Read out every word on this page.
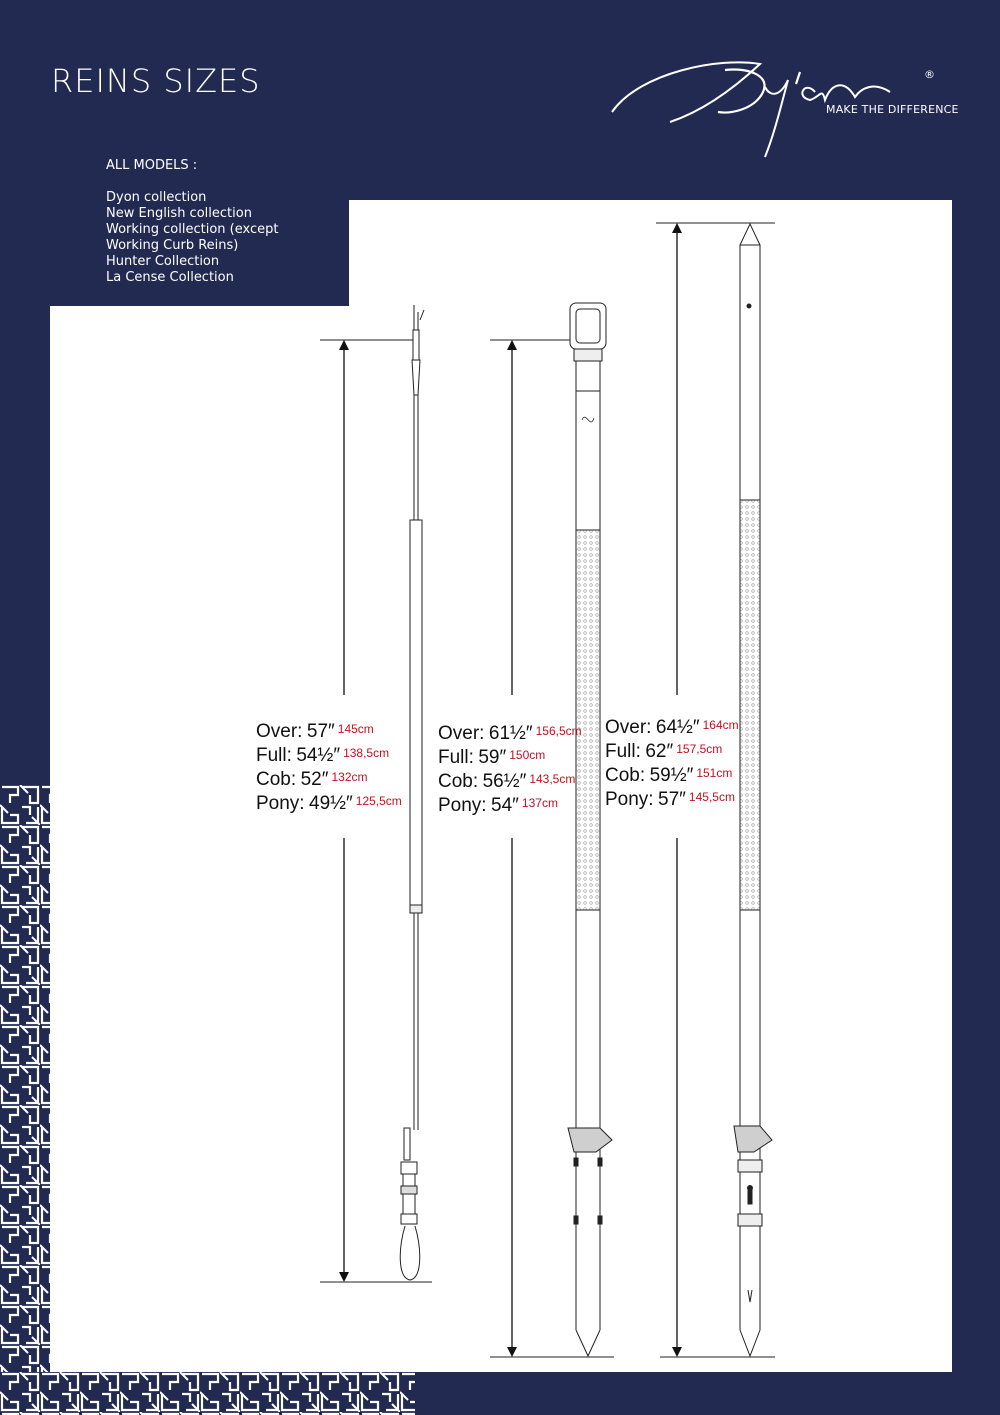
REINS SIZES
ALL MODELS :
Dyon collection
New English collection
Working collection (except Working Curb Reins)
Hunter Collection
La Cense Collection
®
MAKE THE DIFFERENCE
Over: 57″ $^{145cm}$
Full: 54½″ $^{138,5cm}$
Cob: 52″ $^{132cm}$
Pony: 49½″ $^{125,5cm}$
Over: 61½″ $^{156,5cm}$
Full: 59″ $^{150cm}$
Cob: 56½″ $^{143,5cm}$
Pony: 54″ $^{137cm}$
Over: 64½″ $^{164cm}$
Full: 62″ $^{157,5cm}$
Cob: 59½″ $^{151cm}$
Pony: 57″ $^{145,5cm}$
